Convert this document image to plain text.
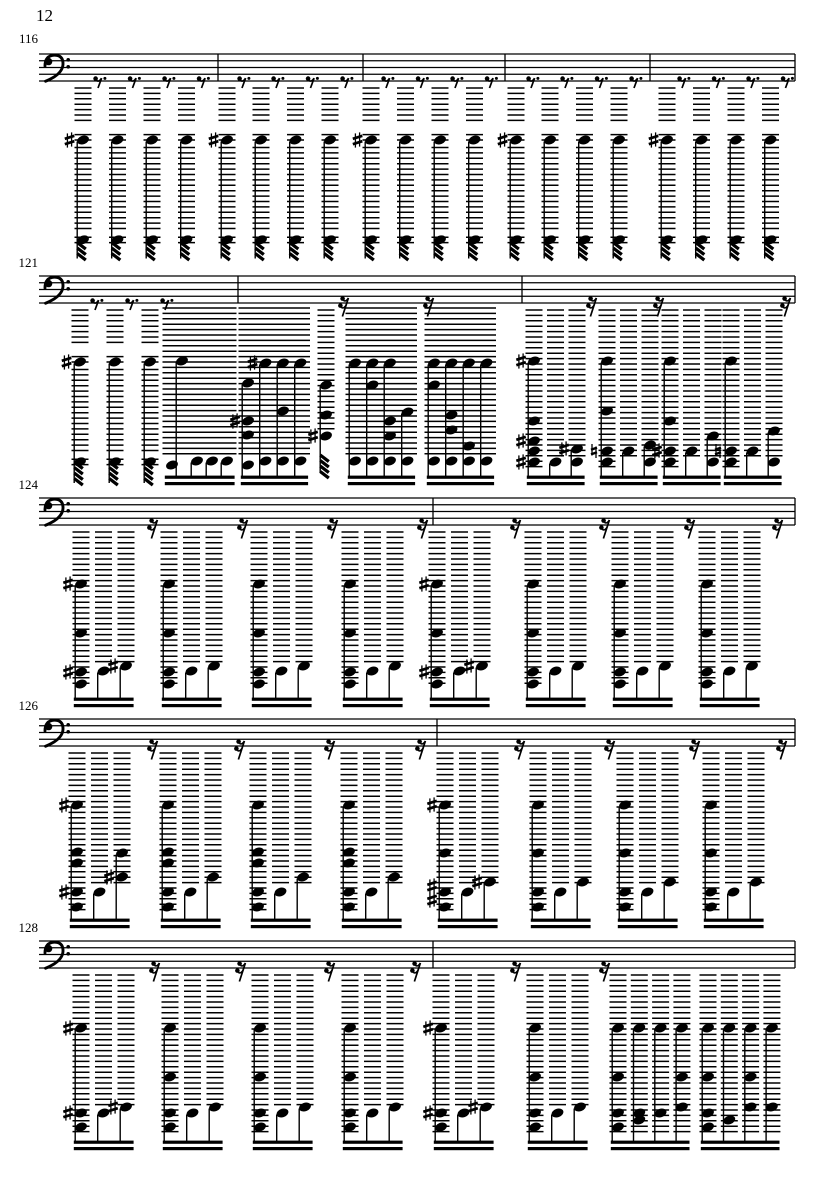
12
116
121
124
126
128
